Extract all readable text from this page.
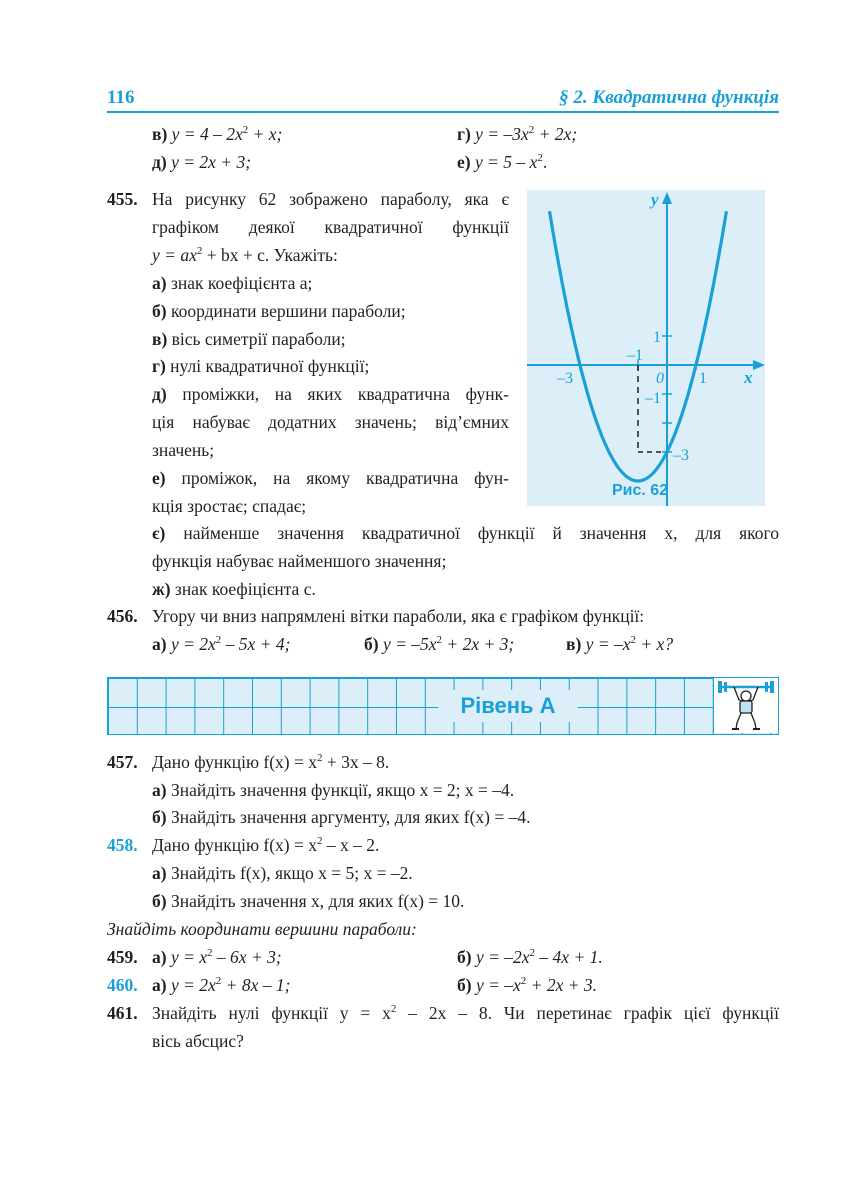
116	§ 2. Квадратична функція
в) $y = 4 - 2x^2 + x$;	г) $y = -3x^2 + 2x$;
д) y = 2x + 3;	е) $y = 5 - x^2$.
455. На рисунку 62 зображено параболу, яка є
графіком деякої квадратичної функції
$y = ax^2$ + bx + c. Укажіть:
а) знак коефіцієнта a;
б) координати вершини параболи;
в) вісь симетрії параболи;
г) нулі квадратичної функції;
д) проміжки, на яких квадратична функ-
ція набуває додатних значень; від’ємних
значень;
е) проміжок, на якому квадратична фун-
кція зростає; спадає;
є) найменше значення квадратичної функції й значення x, для якого
функція набуває найменшого значення;
ж) знак коефіцієнта c.
y
x
–3
–1
0 1
1
–1
–3
Рис. 62
456. Угору чи вниз напрямлені вітки параболи, яка є графіком функції:
а) $y = 2x^2 - 5x + 4$;	б) $y = -5x^2 + 2x + 3$;	в) $y = -x^2 + x$?
Рівень А
457. Дано функцію $f(x) = x^2 + 3x - 8$.
а) Знайдіть значення функції, якщо x = 2; x = –4.
б) Знайдіть значення аргументу, для яких f(x) = –4.
458. Дано функцію $f(x) = x^2 - x - 2$.
а) Знайдіть f(x), якщо x = 5; x = –2.
б) Знайдіть значення x, для яких f(x) = 10.
Знайдіть координати вершини параболи:
459. а) $y = x^2 - 6x + 3$;	б) $y = -2x^2 - 4x + 1$.
460. а) $y = 2x^2 + 8x - 1$;	б) $y = -x^2 + 2x + 3$.
461. Знайдіть нулі функції $y = x^2 - 2x - 8$. Чи перетинає графік цієї функції
вісь абсцис?
